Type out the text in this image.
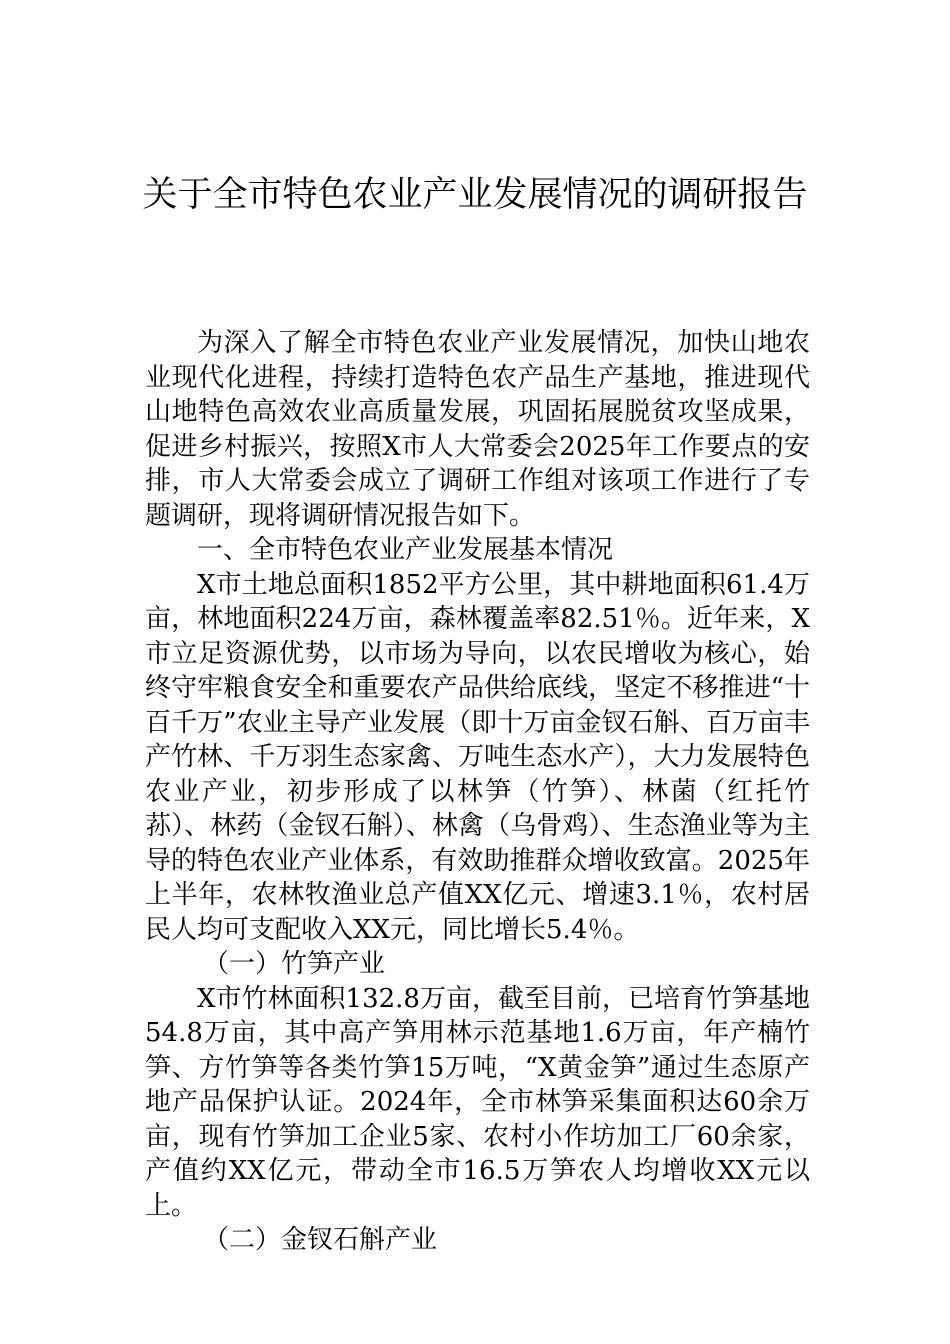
关于全市特色农业产业发展情况的调研报告

为深入了解全市特色农业产业发展情况，加快山地农业现代化进程，持续打造特色农产品生产基地，推进现代山地特色高效农业高质量发展，巩固拓展脱贫攻坚成果，促进乡村振兴，按照X市人大常委会2025年工作要点的安排，市人大常委会成立了调研工作组对该项工作进行了专题调研，现将调研情况报告如下。

一、全市特色农业产业发展基本情况

X市土地总面积1852平方公里，其中耕地面积61.4万亩，林地面积224万亩，森林覆盖率82.51％。近年来，X市立足资源优势，以市场为导向，以农民增收为核心，始终守牢粮食安全和重要农产品供给底线，坚定不移推进“十百千万”农业主导产业发展（即十万亩金钗石斛、百万亩丰产竹林、千万羽生态家禽、万吨生态水产），大力发展特色农业产业，初步形成了以林笋（竹笋）、林菌（红托竹荪）、林药（金钗石斛）、林禽（乌骨鸡）、生态渔业等为主导的特色农业产业体系，有效助推群众增收致富。2025年上半年，农林牧渔业总产值XX亿元、增速3.1％，农村居民人均可支配收入XX元，同比增长5.4％。

（一）竹笋产业

X市竹林面积132.8万亩，截至目前，已培育竹笋基地54.8万亩，其中高产笋用林示范基地1.6万亩，年产楠竹笋、方竹笋等各类竹笋15万吨，“X黄金笋”通过生态原产地产品保护认证。2024年，全市林笋采集面积达60余万亩，现有竹笋加工企业5家、农村小作坊加工厂60余家，产值约XX亿元，带动全市16.5万笋农人均增收XX元以上。

（二）金钗石斛产业
